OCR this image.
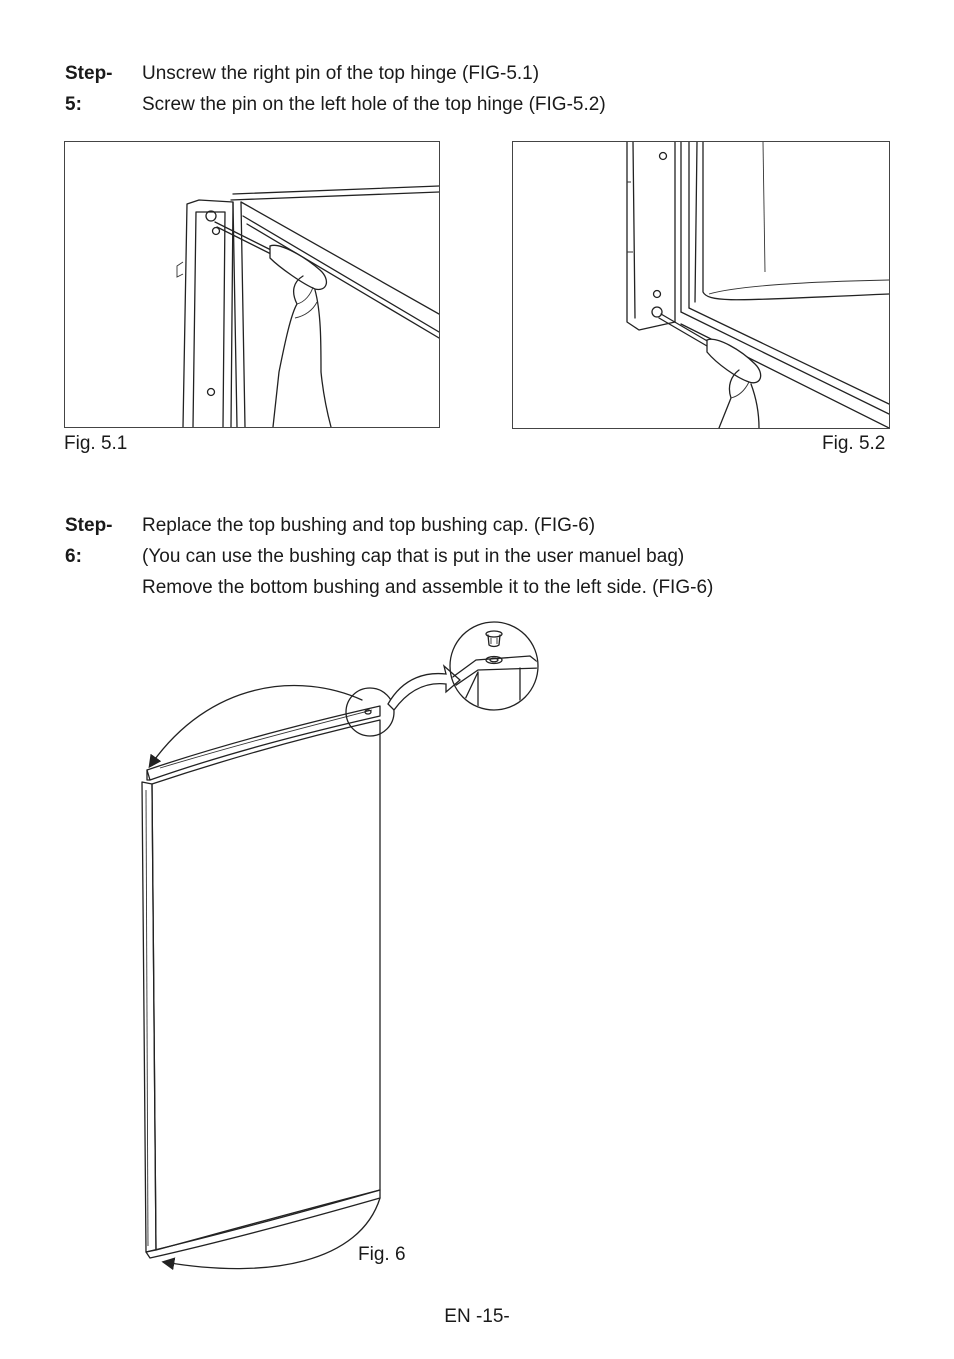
Step-5:
Unscrew the right pin of the top hinge (FIG-5.1)
Screw the pin on the left hole of the top hinge (FIG-5.2)
Fig. 5.1	Fig. 5.2
Step-6:
Replace the top bushing and top bushing cap. (FIG-6)
(You can use the bushing cap that is put in the user manuel bag)
Remove the bottom bushing and assemble it to the left side. (FIG-6)
Fig. 6
EN -15-
